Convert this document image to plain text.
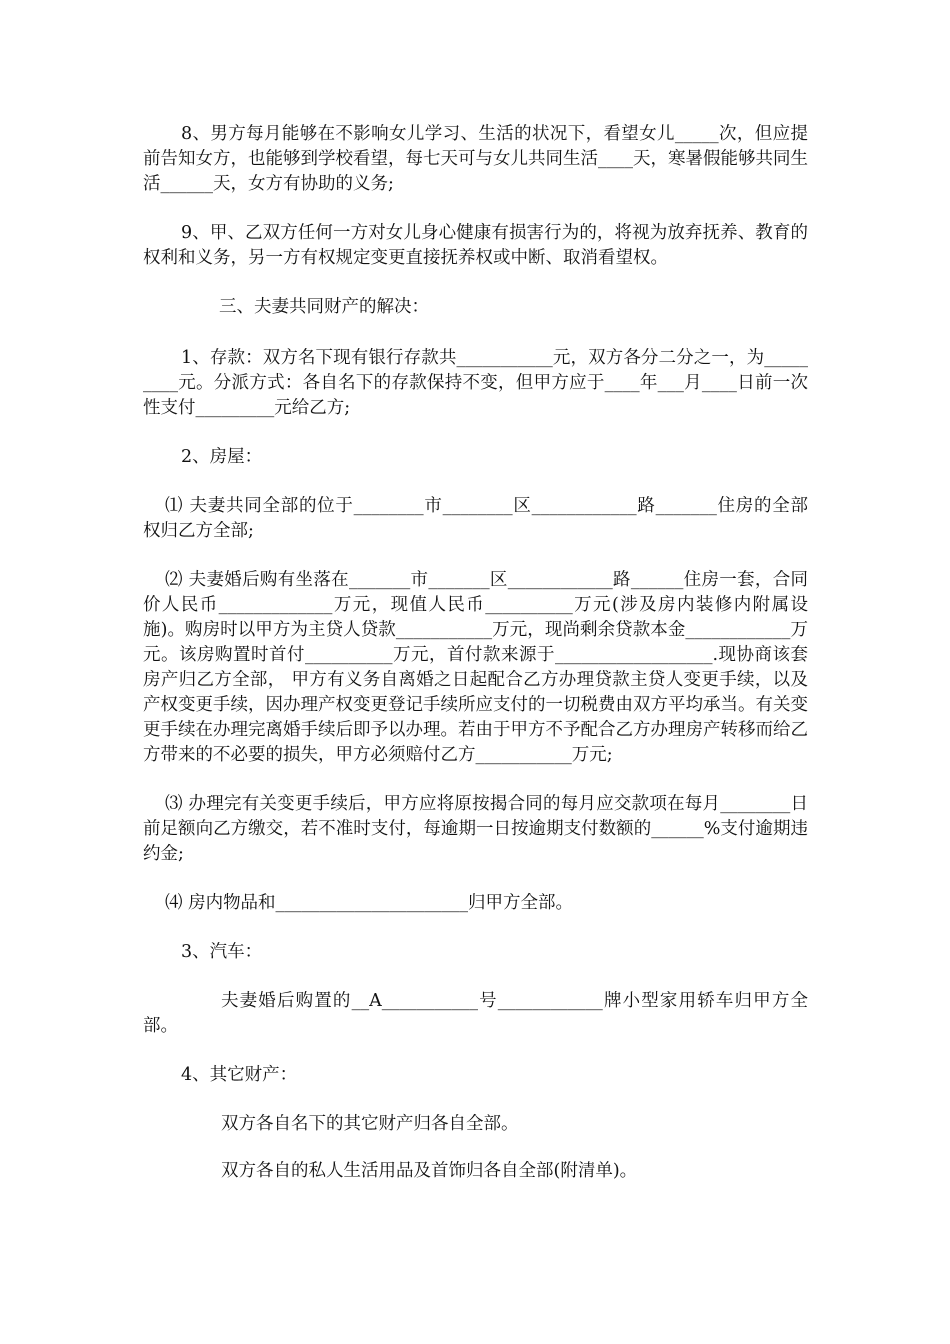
8、男方每月能够在不影响女儿学习、生活的状况下，看望女儿_____次，但应提前告知女方，也能够到学校看望，每七天可与女儿共同生活____天，寒暑假能够共同生活______天，女方有协助的义务;

9、甲、乙双方任何一方对女儿身心健康有损害行为的，将视为放弃抚养、教育的权利和义务，另一方有权规定变更直接抚养权或中断、取消看望权。

三、夫妻共同财产的解决：

1、存款：双方名下现有银行存款共___________元，双方各分二分之一，为_________元。分派方式：各自名下的存款保持不变，但甲方应于____年___月____日前一次性支付_________元给乙方;

2、房屋：

⑴ 夫妻共同全部的位于________市________区____________路_______住房的全部权归乙方全部;

⑵ 夫妻婚后购有坐落在_______市_______区____________路______住房一套，合同价人民币_____________万元，现值人民币__________万元(涉及房内装修内附属设施)。购房时以甲方为主贷人贷款___________万元，现尚剩余贷款本金____________万元。该房购置时首付__________万元，首付款来源于__________________.现协商该套房产归乙方全部， 甲方有义务自离婚之日起配合乙方办理贷款主贷人变更手续，以及产权变更手续，因办理产权变更登记手续所应支付的一切税费由双方平均承当。有关变更手续在办理完离婚手续后即予以办理。若由于甲方不予配合乙方办理房产转移而给乙方带来的不必要的损失，甲方必须赔付乙方___________万元;

⑶ 办理完有关变更手续后，甲方应将原按揭合同的每月应交款项在每月________日前足额向乙方缴交，若不准时支付，每逾期一日按逾期支付数额的______%支付逾期违约金;

⑷ 房内物品和______________________归甲方全部。

3、汽车：

夫妻婚后购置的__A___________号____________牌小型家用轿车归甲方全部。

4、其它财产：

双方各自名下的其它财产归各自全部。

双方各自的私人生活用品及首饰归各自全部(附清单)。
